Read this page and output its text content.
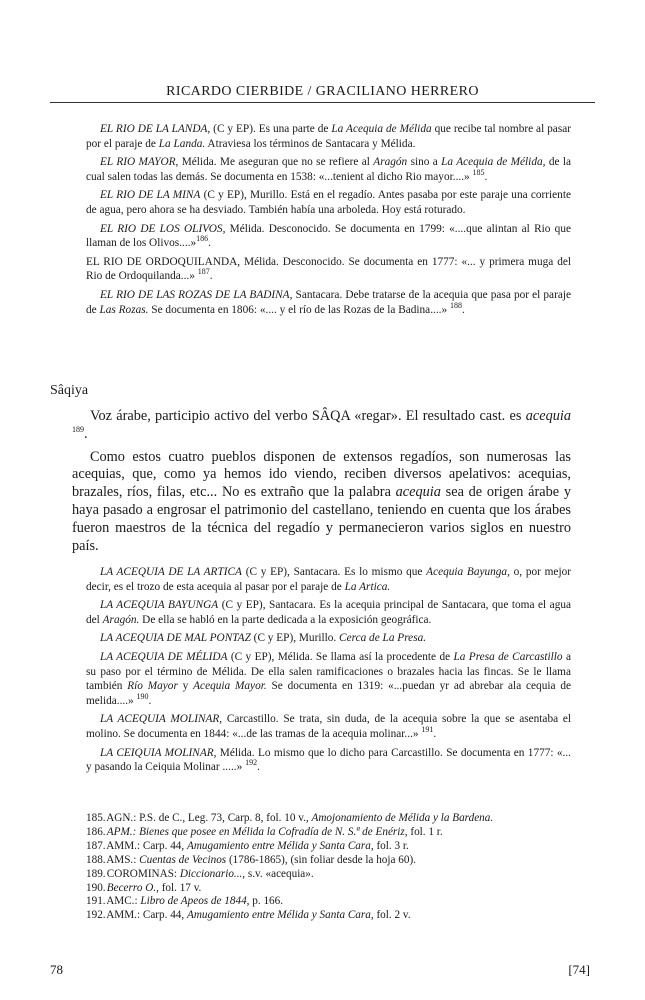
RICARDO CIERBIDE / GRACILIANO HERRERO

EL RIO DE LA LANDA, (C y EP). Es una parte de La Acequia de Mélida que recibe tal nombre al pasar por el paraje de La Landa. Atraviesa los términos de Santacara y Mélida.

EL RIO MAYOR, Mélida. Me aseguran que no se refiere al Aragón sino a La Acequia de Mélida, de la cual salen todas las demás. Se documenta en 1538: «...tenient al dicho Rio mayor....» $^{185}$.

EL RIO DE LA MINA (C y EP), Murillo. Está en el regadío. Antes pasaba por este paraje una corriente de agua, pero ahora se ha desviado. También había una arboleda. Hoy está roturado.

EL RIO DE LOS OLIVOS, Mélida. Desconocido. Se documenta en 1799: «....que alintan al Rio que llaman de los Olivos....»$^{186}$.

EL RIO DE ORDOQUILANDA, Mélida. Desconocido. Se documenta en 1777: «... y primera muga del Rio de Ordoquilanda...» $^{187}$.

EL RIO DE LAS ROZAS DE LA BADINA, Santacara. Debe tratarse de la acequia que pasa por el paraje de Las Rozas. Se documenta en 1806: «.... y el río de las Rozas de la Badina....» $^{188}$.

Sâqiya

Voz árabe, participio activo del verbo SÂQA «regar». El resultado cast. es acequia $^{189}$.

Como estos cuatro pueblos disponen de extensos regadíos, son numerosas las acequias, que, como ya hemos ido viendo, reciben diversos apelativos: acequias, brazales, ríos, filas, etc... No es extraño que la palabra acequia sea de origen árabe y haya pasado a engrosar el patrimonio del castellano, teniendo en cuenta que los árabes fueron maestros de la técnica del regadío y permanecieron varios siglos en nuestro país.

LA ACEQUIA DE LA ARTICA (C y EP), Santacara. Es lo mismo que Acequia Bayunga, o, por mejor decir, es el trozo de esta acequia al pasar por el paraje de La Artica.

LA ACEQUIA BAYUNGA (C y EP), Santacara. Es la acequia principal de Santacara, que toma el agua del Aragón. De ella se habló en la parte dedicada a la exposición geográfica.

LA ACEQUIA DE MAL PONTAZ (C y EP), Murillo. Cerca de La Presa.

LA ACEQUIA DE MÉLIDA (C y EP), Mélida. Se llama así la procedente de La Presa de Carcastillo a su paso por el término de Mélida. De ella salen ramificaciones o brazales hacia las fincas. Se le llama también Río Mayor y Acequia Mayor. Se documenta en 1319: «...puedan yr ad abrebar ala cequia de melida....» $^{190}$.

LA ACEQUIA MOLINAR, Carcastillo. Se trata, sin duda, de la acequia sobre la que se asentaba el molino. Se documenta en 1844: «...de las tramas de la acequia molinar...» $^{191}$.

LA CEIQUIA MOLINAR, Mélida. Lo mismo que lo dicho para Carcastillo. Se documenta en 1777: «... y pasando la Ceiquia Molinar .....» $^{192}$.

185. AGN.: P.S. de C., Leg. 73, Carp. 8, fol. 10 v., Amojonamiento de Mélida y la Bardena.
186. APM.: Bienes que posee en Mélida la Cofradía de N. S.ª de Enériz, fol. 1 r.
187. AMM.: Carp. 44, Amugamiento entre Mélida y Santa Cara, fol. 3 r.
188. AMS.: Cuentas de Vecinos (1786-1865), (sin foliar desde la hoja 60).
189. COROMINAS: Diccionario..., s.v. «acequia».
190. Becerro O., fol. 17 v.
191. AMC.: Libro de Apeos de 1844, p. 166.
192. AMM.: Carp. 44, Amugamiento entre Mélida y Santa Cara, fol. 2 v.
78	[74]
